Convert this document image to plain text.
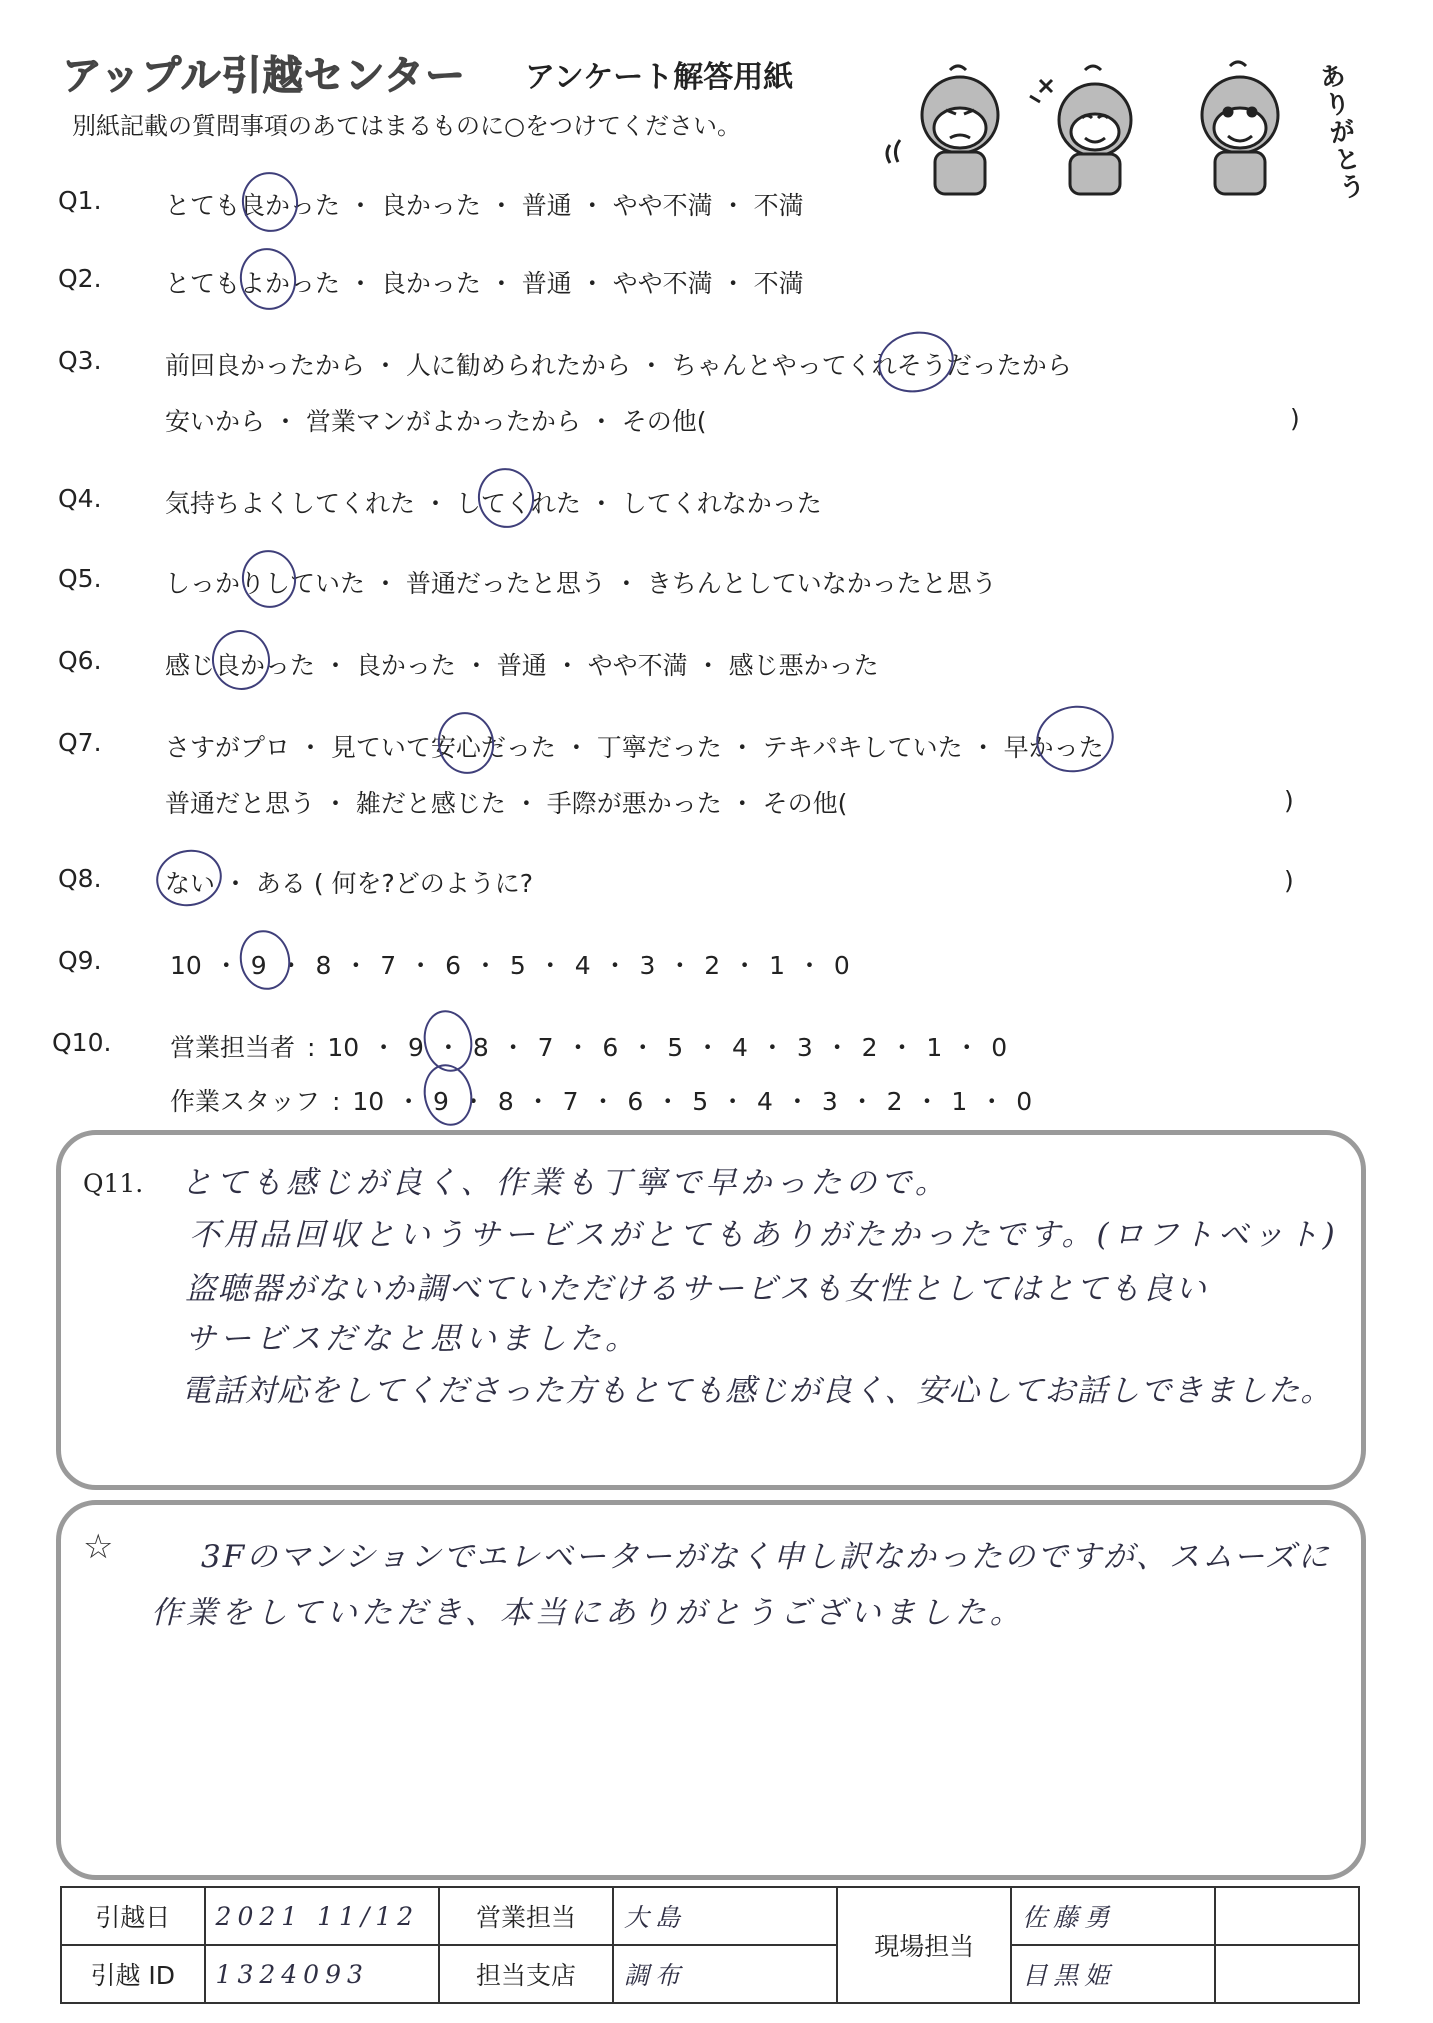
アップル引越センター アンケート解答用紙
別紙記載の質問事項のあてはまるものに○をつけてください。	ありがとう
Q1.	とても良かった ・ 良かった ・ 普通 ・ やや不満 ・ 不満
Q2.	とてもよかった ・ 良かった ・ 普通 ・ やや不満 ・ 不満
Q3.	前回良かったから ・ 人に勧められたから ・ ちゃんとやってくれそうだったから
安いから ・ 営業マンがよかったから ・ その他(	)
Q4.	気持ちよくしてくれた ・ してくれた ・ してくれなかった
Q5.	しっかりしていた ・ 普通だったと思う ・ きちんとしていなかったと思う
Q6.	感じ良かった ・ 良かった ・ 普通 ・ やや不満 ・ 感じ悪かった
Q7.	さすがプロ ・ 見ていて安心だった ・ 丁寧だった ・ テキパキしていた ・ 早かった
普通だと思う ・ 雑だと感じた ・ 手際が悪かった ・ その他(	)
Q8.	ない ・ ある ( 何を?どのように?	)
Q9.	10 ・ 9 ・ 8 ・ 7 ・ 6 ・ 5 ・ 4 ・ 3 ・ 2 ・ 1 ・ 0
Q10. 営業担当者 : 10 ・ 9 ・ 8 ・ 7 ・ 6 ・ 5 ・ 4 ・ 3 ・ 2 ・ 1 ・ 0
作業スタッフ : 10 ・ 9 ・ 8 ・ 7 ・ 6 ・ 5 ・ 4 ・ 3 ・ 2 ・ 1 ・ 0
Q11. とても感じが良く、作業も丁寧で早かったので。
不用品回収というサービスがとてもありがたかったです。(ロフトベット)
盗聴器がないか調べていただけるサービスも女性としてはとても良い
サービスだなと思いました。
電話対応をしてくださった方もとても感じが良く、安心してお話しできました。
☆	3Fのマンションでエレベーターがなく申し訳なかったのですが、スムーズに
作業をしていただき、本当にありがとうございました。
引越日	2021 11/12	営業担当	大島	現場担当	佐藤勇	
引越 ID	1324093	担当支店	調布		目黒姫	
